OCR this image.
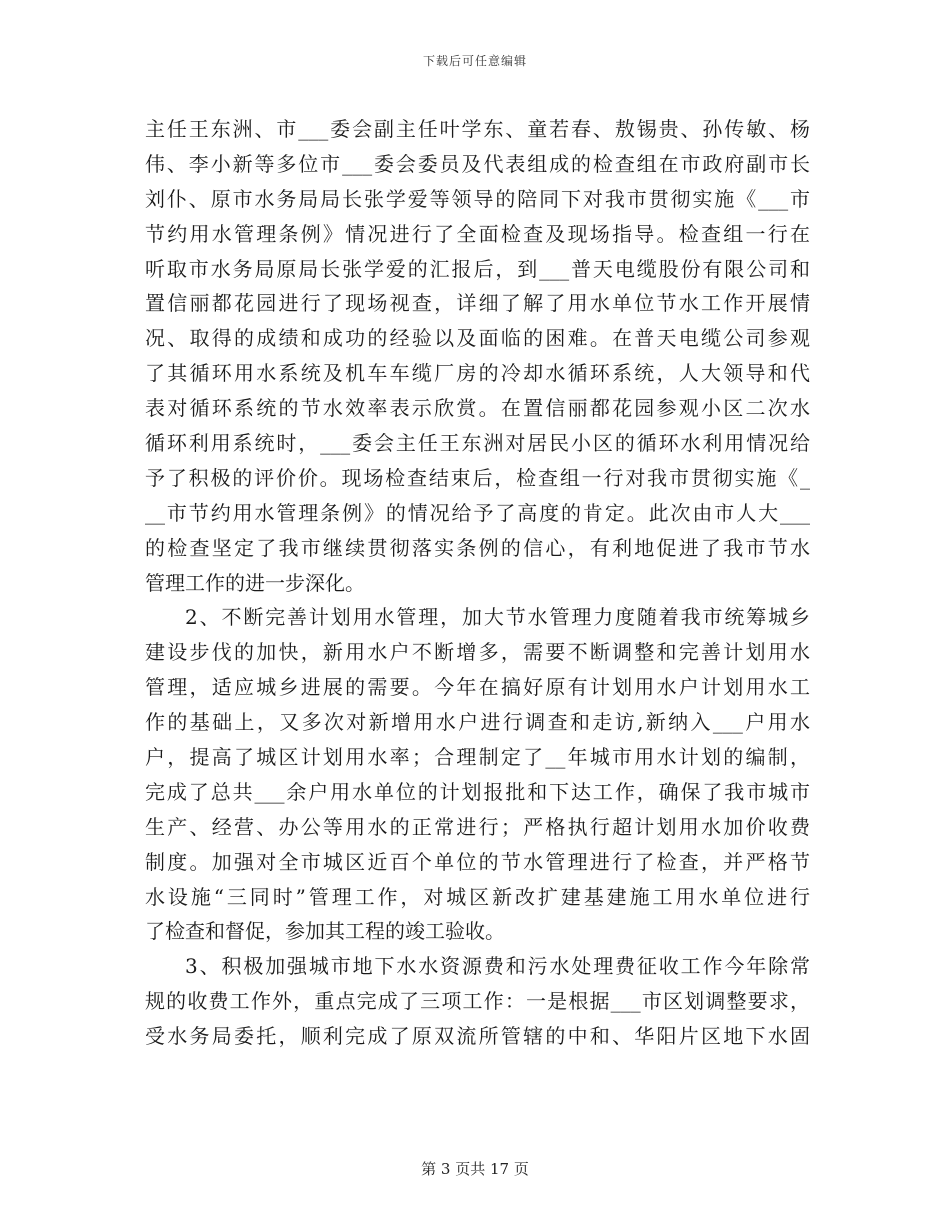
下载后可任意编辑
主任王东洲、市___委会副主任叶学东、童若春、敖锡贵、孙传敏、杨
伟、李小新等多位市___委会委员及代表组成的检查组在市政府副市长
刘仆、原市水务局局长张学爱等领导的陪同下对我市贯彻实施《___市
节约用水管理条例》情况进行了全面检查及现场指导。检查组一行在
听取市水务局原局长张学爱的汇报后，到___普天电缆股份有限公司和
置信丽都花园进行了现场视查，详细了解了用水单位节水工作开展情
况、取得的成绩和成功的经验以及面临的困难。在普天电缆公司参观
了其循环用水系统及机车车缆厂房的冷却水循环系统，人大领导和代
表对循环系统的节水效率表示欣赏。在置信丽都花园参观小区二次水
循环利用系统时，___委会主任王东洲对居民小区的循环水利用情况给
予了积极的评价价。现场检查结束后，检查组一行对我市贯彻实施《_
__市节约用水管理条例》的情况给予了高度的肯定。此次由市人大___
的检查坚定了我市继续贯彻落实条例的信心，有利地促进了我市节水
管理工作的进一步深化。
2、不断完善计划用水管理，加大节水管理力度随着我市统筹城乡
建设步伐的加快，新用水户不断增多，需要不断调整和完善计划用水
管理，适应城乡进展的需要。今年在搞好原有计划用水户计划用水工
作的基础上，又多次对新增用水户进行调查和走访,新纳入___户用水
户，提高了城区计划用水率；合理制定了__年城市用水计划的编制，
完成了总共___余户用水单位的计划报批和下达工作，确保了我市城市
生产、经营、办公等用水的正常进行；严格执行超计划用水加价收费
制度。加强对全市城区近百个单位的节水管理进行了检查，并严格节
水设施“三同时”管理工作，对城区新改扩建基建施工用水单位进行
了检查和督促，参加其工程的竣工验收。
3、积极加强城市地下水水资源费和污水处理费征收工作今年除常
规的收费工作外，重点完成了三项工作：一是根据___市区划调整要求，
受水务局委托，顺利完成了原双流所管辖的中和、华阳片区地下水固
第 3 页共 17 页
